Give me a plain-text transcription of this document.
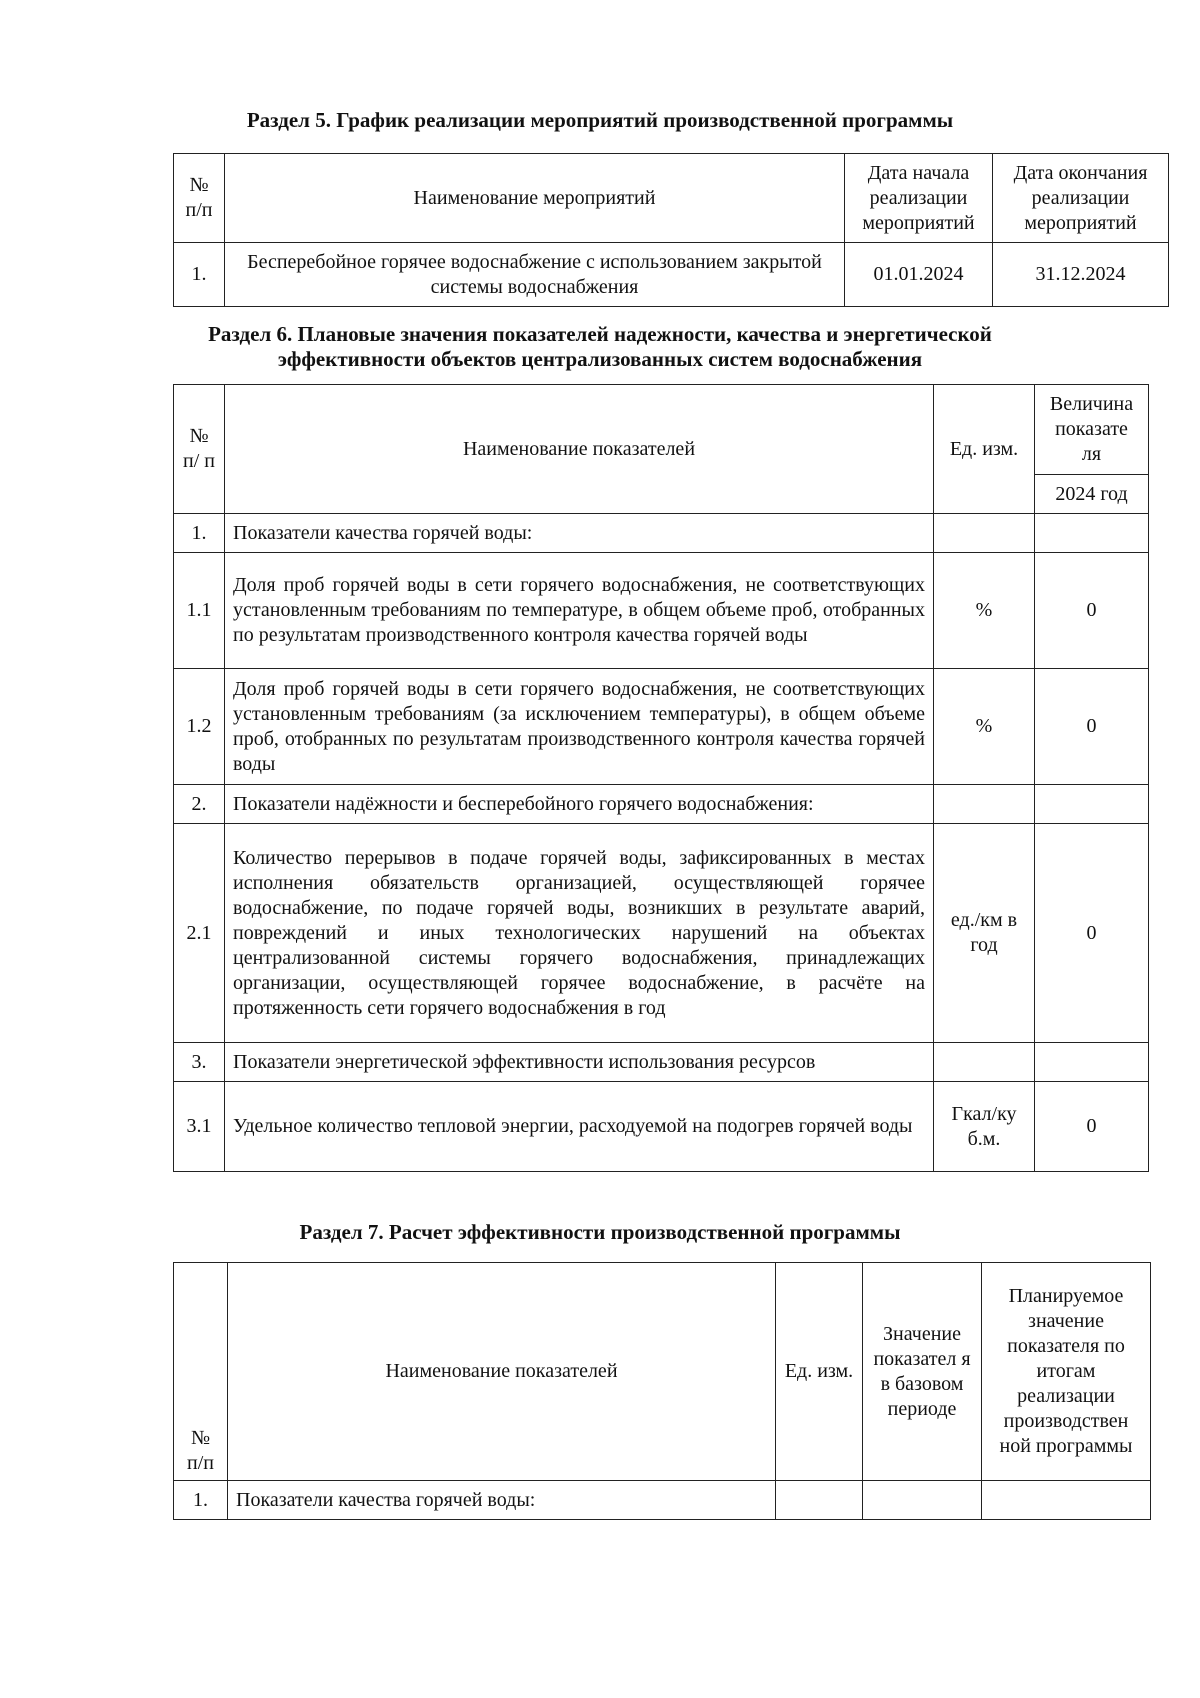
Раздел 5. График реализации мероприятий производственной программы
№ п/п	Наименование мероприятий	Дата начала реализации мероприятий	Дата окончания реализации мероприятий
1.	Бесперебойное горячее водоснабжение с использованием закрытой системы водоснабжения	01.01.2024	31.12.2024
Раздел 6. Плановые значения показателей надежности, качества и энергетической
эффективности объектов централизованных систем водоснабжения
№ п/ п	Наименование показателей	Ед. изм.	Величина показате ля
			2024 год
1.	Показатели качества горячей воды:		
1.1	Доля проб горячей воды в сети горячего водоснабжения, не соответствующих установленным требованиям по температуре, в общем объеме проб, отобранных по результатам производственного контроля качества горячей воды	%	0
1.2	Доля проб горячей воды в сети горячего водоснабжения, не соответствующих установленным требованиям (за исключением температуры), в общем объеме проб, отобранных по результатам производственного контроля качества горячей воды	%	0
2.	Показатели надёжности и бесперебойного горячего водоснабжения:		
2.1	Количество перерывов в подаче горячей воды, зафиксированных в местах исполнения обязательств организацией, осуществляющей горячее водоснабжение, по подаче горячей воды, возникших в результате аварий, повреждений и иных технологических нарушений на объектах централизованной системы горячего водоснабжения, принадлежащих организации, осуществляющей горячее водоснабжение, в расчёте на протяженность сети горячего водоснабжения в год	ед./км в год	0
3.	Показатели энергетической эффективности использования ресурсов		
3.1	Удельное количество тепловой энергии, расходуемой на подогрев горячей воды	Гкал/ку б.м.	0
Раздел 7. Расчет эффективности производственной программы
№ п/п	Наименование показателей	Ед. изм.	Значение показател я в базовом периоде	Планируемое значение показателя по итогам реализации производствен ной программы
1.	Показатели качества горячей воды:			
